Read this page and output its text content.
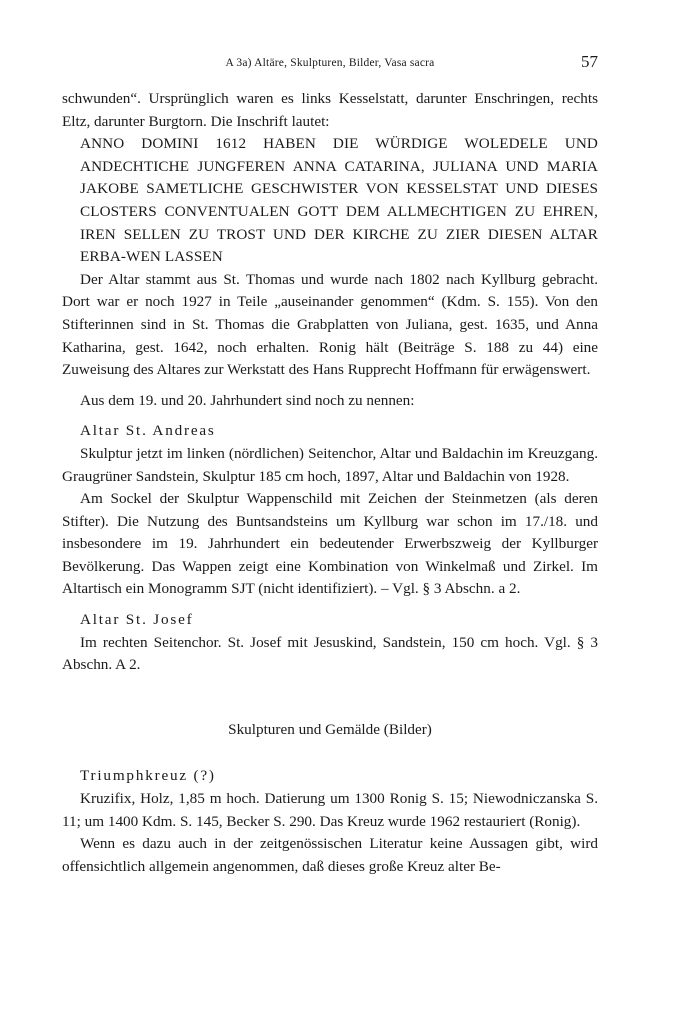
A 3a) Altäre, Skulpturen, Bilder, Vasa sacra	57

schwunden“. Ursprünglich waren es links Kesselstatt, darunter Enschringen, rechts Eltz, darunter Burgtorn. Die Inschrift lautet:

ANNO DOMINI 1612 HABEN DIE WÜRDIGE WOLEDELE UND ANDECHTICHE JUNGFEREN ANNA CATARINA, JULIANA UND MARIA JAKOBE SAMETLICHE GESCHWISTER VON KESSELSTAT UND DIESES CLOSTERS CONVENTUALEN GOTT DEM ALLMECHTIGEN ZU EHREN, IREN SELLEN ZU TROST UND DER KIRCHE ZU ZIER DIESEN ALTAR ERBA-WEN LASSEN

Der Altar stammt aus St. Thomas und wurde nach 1802 nach Kyllburg gebracht. Dort war er noch 1927 in Teile „auseinander genommen“ (Kdm. S. 155). Von den Stifterinnen sind in St. Thomas die Grabplatten von Juliana, gest. 1635, und Anna Katharina, gest. 1642, noch erhalten. Ronig hält (Beiträge S. 188 zu 44) eine Zuweisung des Altares zur Werkstatt des Hans Rupprecht Hoffmann für erwägenswert.

Aus dem 19. und 20. Jahrhundert sind noch zu nennen:

Altar St. Andreas

Skulptur jetzt im linken (nördlichen) Seitenchor, Altar und Baldachin im Kreuzgang. Graugrüner Sandstein, Skulptur 185 cm hoch, 1897, Altar und Baldachin von 1928.

Am Sockel der Skulptur Wappenschild mit Zeichen der Steinmetzen (als deren Stifter). Die Nutzung des Buntsandsteins um Kyllburg war schon im 17./18. und insbesondere im 19. Jahrhundert ein bedeutender Erwerbszweig der Kyllburger Bevölkerung. Das Wappen zeigt eine Kombination von Winkelmaß und Zirkel. Im Altartisch ein Monogramm SJT (nicht identifiziert). – Vgl. § 3 Abschn. a 2.

Altar St. Josef

Im rechten Seitenchor. St. Josef mit Jesuskind, Sandstein, 150 cm hoch. Vgl. § 3 Abschn. A 2.

Skulpturen und Gemälde (Bilder)
Triumphkreuz (?)

Kruzifix, Holz, 1,85 m hoch. Datierung um 1300 Ronig S. 15; Niewodniczanska S. 11; um 1400 Kdm. S. 145, Becker S. 290. Das Kreuz wurde 1962 restauriert (Ronig).

Wenn es dazu auch in der zeitgenössischen Literatur keine Aussagen gibt, wird offensichtlich allgemein angenommen, daß dieses große Kreuz alter Be-
